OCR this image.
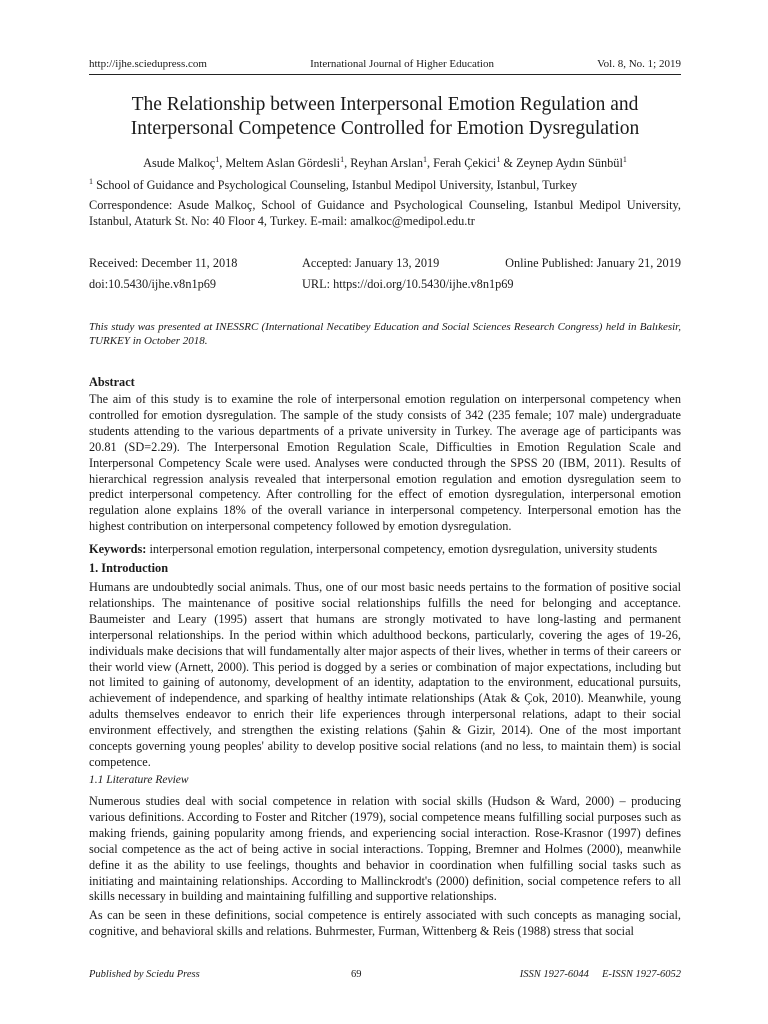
http://ijhe.sciedupress.com	International Journal of Higher Education	Vol. 8, No. 1; 2019
The Relationship between Interpersonal Emotion Regulation and
Interpersonal Competence Controlled for Emotion Dysregulation
Asude Malkoç$^1$, Meltem Aslan Gördesli$^1$, Reyhan Arslan$^1$, Ferah Çekici$^1$ & Zeynep Aydın Sünbül$^1$
$^1$ School of Guidance and Psychological Counseling, Istanbul Medipol University, Istanbul, Turkey
Correspondence: Asude Malkoç, School of Guidance and Psychological Counseling, Istanbul Medipol University, Istanbul, Ataturk St. No: 40 Floor 4, Turkey. E-mail: amalkoc@medipol.edu.tr
Received: December 11, 2018	Accepted: January 13, 2019	Online Published: January 21, 2019
doi:10.5430/ijhe.v8n1p69	URL: https://doi.org/10.5430/ijhe.v8n1p69
This study was presented at INESSRC (International Necatibey Education and Social Sciences Research Congress) held in Balıkesir, TURKEY in October 2018.
Abstract
The aim of this study is to examine the role of interpersonal emotion regulation on interpersonal competency when controlled for emotion dysregulation. The sample of the study consists of 342 (235 female; 107 male) undergraduate students attending to the various departments of a private university in Turkey. The average age of participants was 20.81 (SD=2.29). The Interpersonal Emotion Regulation Scale, Difficulties in Emotion Regulation Scale and Interpersonal Competency Scale were used. Analyses were conducted through the SPSS 20 (IBM, 2011). Results of hierarchical regression analysis revealed that interpersonal emotion regulation and emotion dysregulation seem to predict interpersonal competency. After controlling for the effect of emotion dysregulation, interpersonal emotion regulation alone explains 18% of the overall variance in interpersonal competency. Interpersonal emotion has the highest contribution on interpersonal competency followed by emotion dysregulation.
Keywords: interpersonal emotion regulation, interpersonal competency, emotion dysregulation, university students
1. Introduction
Humans are undoubtedly social animals. Thus, one of our most basic needs pertains to the formation of positive social relationships. The maintenance of positive social relationships fulfills the need for belonging and acceptance. Baumeister and Leary (1995) assert that humans are strongly motivated to have long-lasting and permanent interpersonal relationships. In the period within which adulthood beckons, particularly, covering the ages of 19-26, individuals make decisions that will fundamentally alter major aspects of their lives, whether in terms of their careers or their world view (Arnett, 2000). This period is dogged by a series or combination of major expectations, including but not limited to gaining of autonomy, development of an identity, adaptation to the environment, educational pursuits, achievement of independence, and sparking of healthy intimate relationships (Atak & Çok, 2010). Meanwhile, young adults themselves endeavor to enrich their life experiences through interpersonal relations, adapt to their social environment effectively, and strengthen the existing relations (Şahin & Gizir, 2014). One of the most important concepts governing young peoples' ability to develop positive social relations (and no less, to maintain them) is social competence.
1.1 Literature Review
Numerous studies deal with social competence in relation with social skills (Hudson & Ward, 2000) – producing various definitions. According to Foster and Ritcher (1979), social competence means fulfilling social purposes such as making friends, gaining popularity among friends, and experiencing social interaction. Rose-Krasnor (1997) defines social competence as the act of being active in social interactions. Topping, Bremner and Holmes (2000), meanwhile define it as the ability to use feelings, thoughts and behavior in coordination when fulfilling social tasks such as initiating and maintaining relationships. According to Mallinckrodt's (2000) definition, social competence refers to all skills necessary in building and maintaining fulfilling and supportive relationships.
As can be seen in these definitions, social competence is entirely associated with such concepts as managing social, cognitive, and behavioral skills and relations. Buhrmester, Furman, Wittenberg & Reis (1988) stress that social
Published by Sciedu Press	69	ISSN 1927-6044     E-ISSN 1927-6052
